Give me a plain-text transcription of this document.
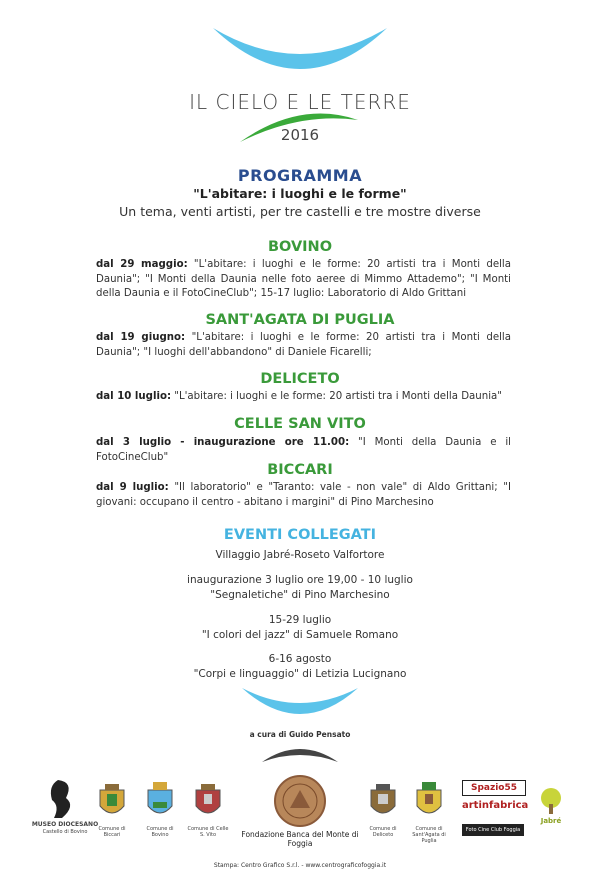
IL CIELO E LE TERRE
2016
PROGRAMMA
"L'abitare: i luoghi e le forme"
Un tema, venti artisti, per tre castelli e tre mostre diverse
BOVINO
dal 29 maggio: "L'abitare: i luoghi e le forme: 20 artisti tra i Monti della Daunia"; "I Monti della Daunia nelle foto aeree di Mimmo Attademo"; "I Monti della Daunia e il FotoCineClub"; 15-17 luglio: Laboratorio di Aldo Grittani
SANT'AGATA DI PUGLIA
dal 19 giugno: "L'abitare: i luoghi e le forme: 20 artisti tra i Monti della Daunia"; "I luoghi dell'abbandono" di Daniele Ficarelli;
DELICETO
dal 10 luglio: "L'abitare: i luoghi e le forme: 20 artisti tra i Monti della Daunia"
CELLE SAN VITO
dal 3 luglio - inaugurazione ore 11.00: "I Monti della Daunia e il FotoCineClub"
BICCARI
dal 9 luglio: "Il laboratorio" e "Taranto: vale - non vale" di Aldo Grittani; "I giovani: occupano il centro - abitano i margini" di Pino Marchesino
EVENTI COLLEGATI
Villaggio Jabré-Roseto Valfortore
inaugurazione 3 luglio ore 19,00 - 10 luglio
"Segnaletiche" di Pino Marchesino
15-29 luglio
"I colori del jazz" di Samuele Romano
6-16 agosto
"Corpi e linguaggio" di Letizia Lucignano
a cura di Guido Pensato
MUSEO DIOCESANO
Castello di Bovino	Comune di Biccari
Comune di Bovino
Comune di Celle S. Vito	Fondazione Banca del Monte di Foggia
Comune di Deliceto
Comune di Sant'Agata di Puglia
Spazio55
artinfabrica
Foto Cine Club Foggia
Jabré
Stampa: Centro Grafico S.r.l. - www.centrograficofoggia.it
